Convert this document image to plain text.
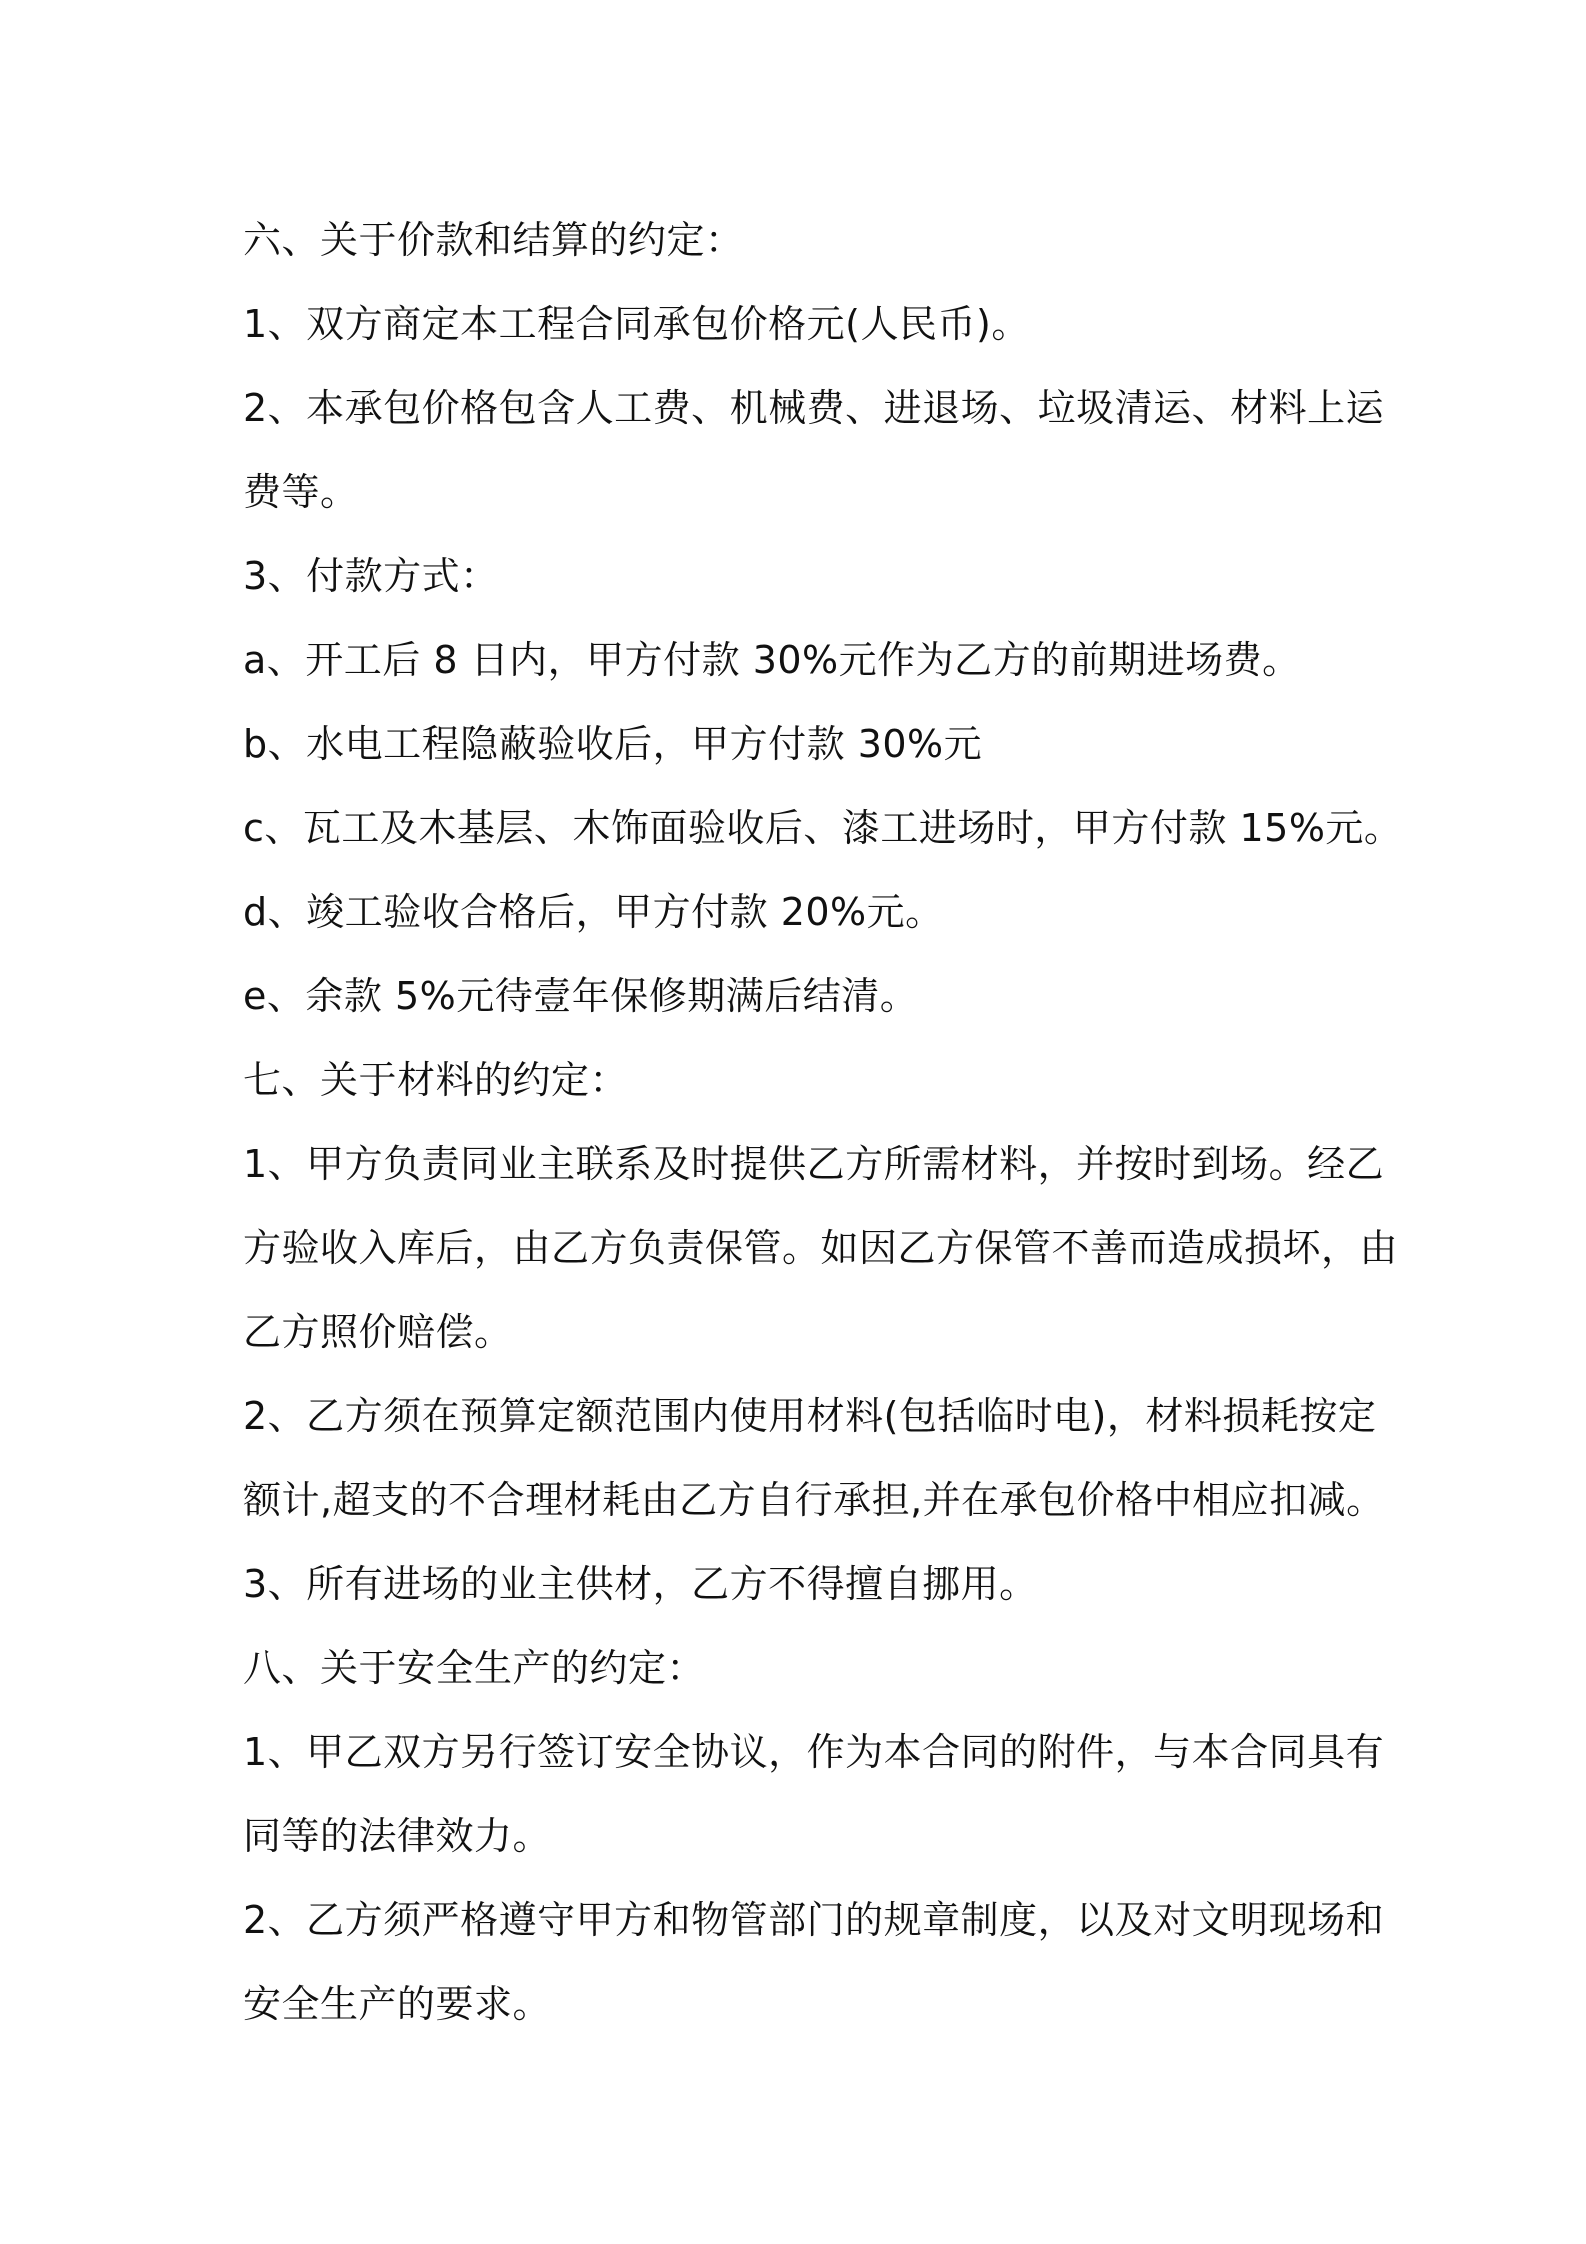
六、关于价款和结算的约定：

1、双方商定本工程合同承包价格元(人民币)。

2、本承包价格包含人工费、机械费、进退场、垃圾清运、材料上运

费等。

3、付款方式：

a、开工后 8 日内，甲方付款 30%元作为乙方的前期进场费。

b、水电工程隐蔽验收后，甲方付款 30%元

c、瓦工及木基层、木饰面验收后、漆工进场时，甲方付款 15%元。

d、竣工验收合格后，甲方付款 20%元。

e、余款 5%元待壹年保修期满后结清。

七、关于材料的约定：

1、甲方负责同业主联系及时提供乙方所需材料，并按时到场。经乙

方验收入库后，由乙方负责保管。如因乙方保管不善而造成损坏，由

乙方照价赔偿。

2、乙方须在预算定额范围内使用材料(包括临时电)，材料损耗按定

额计,超支的不合理材耗由乙方自行承担,并在承包价格中相应扣减。

3、所有进场的业主供材，乙方不得擅自挪用。

八、关于安全生产的约定：

1、甲乙双方另行签订安全协议，作为本合同的附件，与本合同具有

同等的法律效力。

2、乙方须严格遵守甲方和物管部门的规章制度，以及对文明现场和

安全生产的要求。
